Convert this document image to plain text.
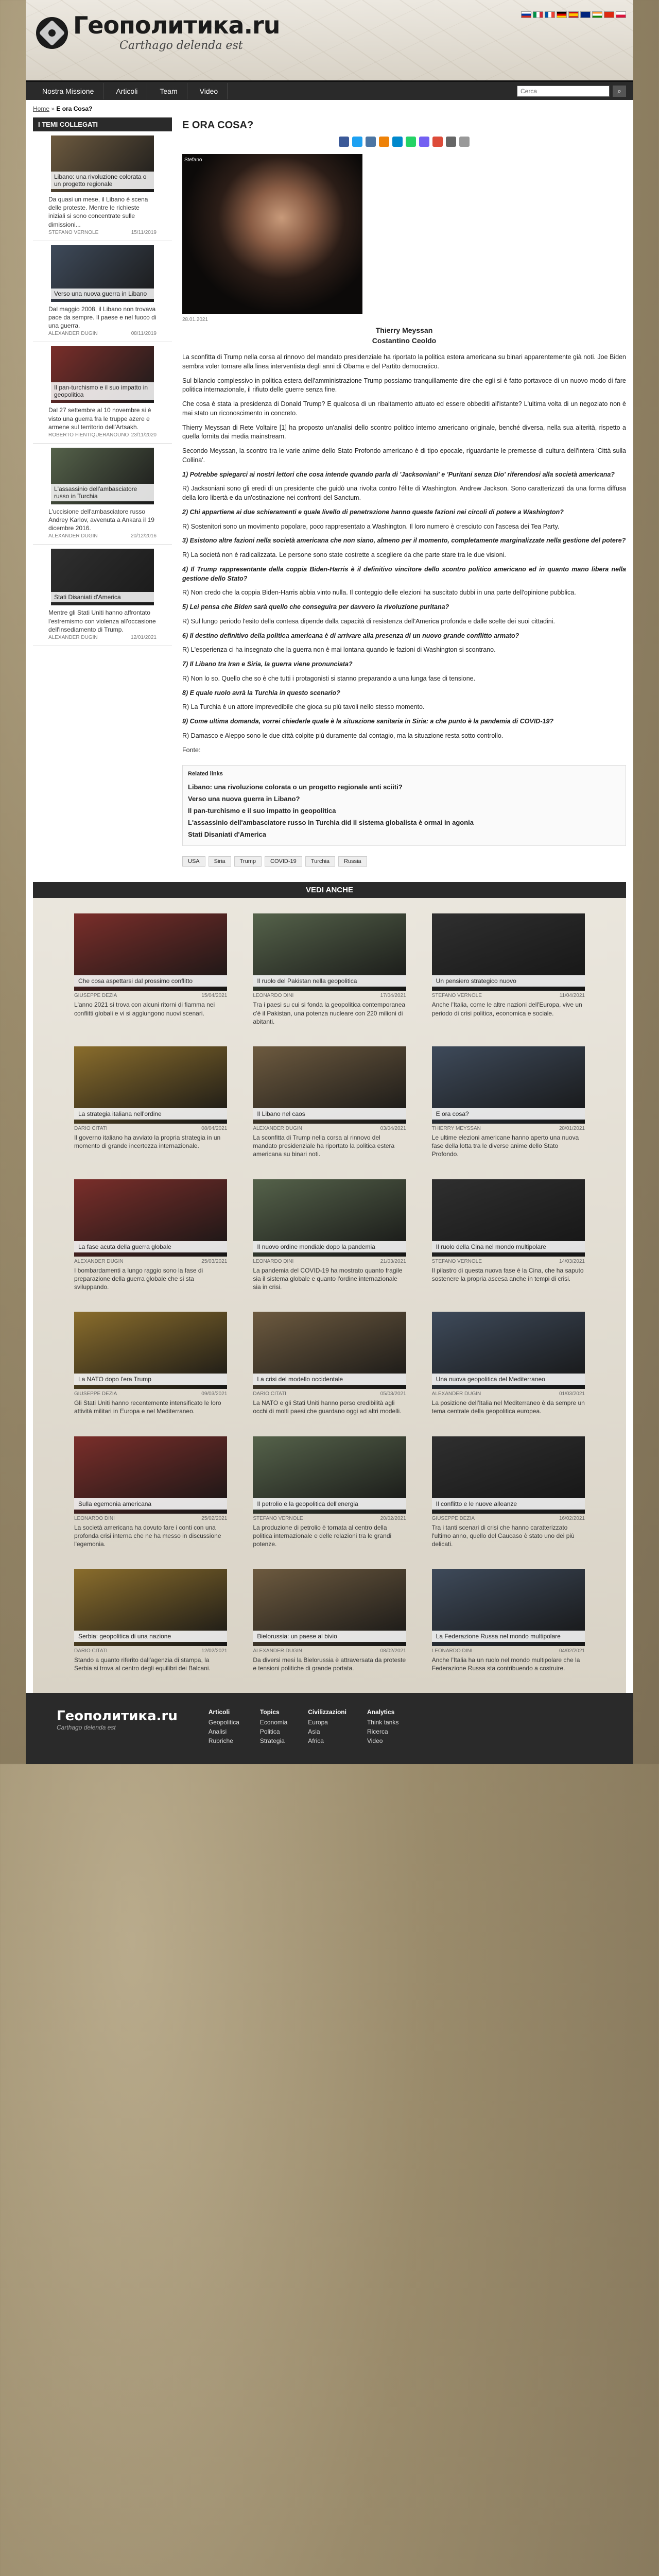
Геополитика.ru
Carthago delenda est
Nostra Missione	Articoli	Team	Video
Cerca	⌕
Home » E ora Cosa?
I TEMI COLLEGATI
Libano: una rivoluzione colorata o un progetto regionale
Da quasi un mese, il Libano è scena delle proteste. Mentre le richieste iniziali si sono concentrate sulle dimissioni...
STEFANO VERNOLE	15/11/2019
Verso una nuova guerra in Libano
Dal maggio 2008, il Libano non trovava pace da sempre. Il paese e nel fuoco di una guerra.
ALEXANDER DUGIN	08/11/2019
Il pan-turchismo e il suo impatto in geopolitica
Dal 27 settembre al 10 novembre si è visto una guerra fra le truppe azere e armene sul territorio dell'Artsakh.
ROBERTO FIENTIQUERANOUNO 23/11/2020
L'assassinio dell'ambasciatore russo in Turchia
L'uccisione dell'ambasciatore russo Andrey Karlov, avvenuta a Ankara il 19 dicembre 2016.
ALEXANDER DUGIN	20/12/2016
Stati Disaniati d'America
Mentre gli Stati Uniti hanno affrontato l'estremismo con violenza all'occasione dell'insediamento di Trump.
ALEXANDER DUGIN	12/01/2021
E ORA COSA?
Stefano
28.01.2021
Thierry Meyssan
Costantino Ceoldo

La sconfitta di Trump nella corsa al rinnovo del mandato presidenziale ha riportato la politica estera americana su binari apparentemente già noti. Joe Biden sembra voler tornare alla linea interventista degli anni di Obama e del Partito democratico.

Sul bilancio complessivo in politica estera dell'amministrazione Trump possiamo tranquillamente dire che egli si è fatto portavoce di un nuovo modo di fare politica internazionale, il rifiuto delle guerre senza fine.

Che cosa è stata la presidenza di Donald Trump? E qualcosa di un ribaltamento attuato ed essere obbediti all'istante? L'ultima volta di un negoziato non è mai stato un riconoscimento in concreto.

Thierry Meyssan di Rete Voltaire [1] ha proposto un'analisi dello scontro politico interno americano originale, benché diversa, nella sua alterità, rispetto a quella fornita dai media mainstream.

Secondo Meyssan, la scontro tra le varie anime dello Stato Profondo americano è di tipo epocale, riguardante le premesse di cultura dell'intera 'Città sulla Collina'.

1) Potrebbe spiegarci ai nostri lettori che cosa intende quando parla di 'Jacksoniani' e 'Puritani senza Dio' riferendosi alla società americana?

R) Jacksoniani sono gli eredi di un presidente che guidò una rivolta contro l'élite di Washington. Andrew Jackson. Sono caratterizzati da una forma diffusa della loro libertà e da un'ostinazione nei confronti del Sanctum.

2) Chi appartiene ai due schieramenti e quale livello di penetrazione hanno queste fazioni nei circoli di potere a Washington?

R) Sostenitori sono un movimento popolare, poco rappresentato a Washington. Il loro numero è cresciuto con l'ascesa dei Tea Party.

3) Esistono altre fazioni nella società americana che non siano, almeno per il momento, completamente marginalizzate nella gestione del potere?

R) La società non è radicalizzata. Le persone sono state costrette a scegliere da che parte stare tra le due visioni.

4) Il Trump rappresentante della coppia Biden-Harris è il definitivo vincitore dello scontro politico americano ed in quanto mano libera nella gestione dello Stato?

R) Non credo che la coppia Biden-Harris abbia vinto nulla. Il conteggio delle elezioni ha suscitato dubbi in una parte dell'opinione pubblica.

5) Lei pensa che Biden sarà quello che conseguira per davvero la rivoluzione puritana?

R) Sul lungo periodo l'esito della contesa dipende dalla capacità di resistenza dell'America profonda e dalle scelte dei suoi cittadini.

6) Il destino definitivo della politica americana è di arrivare alla presenza di un nuovo grande conflitto armato?

R) L'esperienza ci ha insegnato che la guerra non è mai lontana quando le fazioni di Washington si scontrano.

7) Il Libano tra Iran e Siria, la guerra viene pronunciata?

R) Non lo so. Quello che so è che tutti i protagonisti si stanno preparando a una lunga fase di tensione.

8) E quale ruolo avrà la Turchia in questo scenario?

R) La Turchia è un attore imprevedibile che gioca su più tavoli nello stesso momento.

9) Come ultima domanda, vorrei chiederle quale è la situazione sanitaria in Siria: a che punto è la pandemia di COVID-19?

R) Damasco e Aleppo sono le due città colpite più duramente dal contagio, ma la situazione resta sotto controllo.

Fonte:

Related links
Libano: una rivoluzione colorata o un progetto regionale anti sciiti?
Verso una nuova guerra in Libano?
Il pan-turchismo e il suo impatto in geopolitica
L'assassinio dell'ambasciatore russo in Turchia did il sistema globalista è ormai in agonia
Stati Disaniati d'America
USA	Siria	Trump	COVID-19	Turchia	Russia
VEDI ANCHE
Che cosa aspettarsi dal prossimo conflitto
GIUSEPPE DEZIA	15/04/2021
L'anno 2021 si trova con alcuni ritorni di fiamma nei conflitti globali e vi si aggiungono nuovi scenari.
Il ruolo del Pakistan nella geopolitica
LEONARDO DINI	17/04/2021
Tra i paesi su cui si fonda la geopolitica contemporanea c'è il Pakistan, una potenza nucleare con 220 milioni di abitanti.
Un pensiero strategico nuovo
STEFANO VERNOLE	11/04/2021
Anche l'Italia, come le altre nazioni dell'Europa, vive un periodo di crisi politica, economica e sociale.
La strategia italiana nell'ordine
DARIO CITATI	08/04/2021
Il governo italiano ha avviato la propria strategia in un momento di grande incertezza internazionale.
Il Libano nel caos
ALEXANDER DUGIN	03/04/2021
La sconfitta di Trump nella corsa al rinnovo del mandato presidenziale ha riportato la politica estera americana su binari noti.
E ora cosa?
THIERRY MEYSSAN	28/01/2021
Le ultime elezioni americane hanno aperto una nuova fase della lotta tra le diverse anime dello Stato Profondo.
La fase acuta della guerra globale
ALEXANDER DUGIN	25/03/2021
I bombardamenti a lungo raggio sono la fase di preparazione della guerra globale che si sta sviluppando.
Il nuovo ordine mondiale dopo la pandemia
LEONARDO DINI	21/03/2021
La pandemia del COVID-19 ha mostrato quanto fragile sia il sistema globale e quanto l'ordine internazionale sia in crisi.
Il ruolo della Cina nel mondo multipolare
STEFANO VERNOLE	14/03/2021
Il pilastro di questa nuova fase è la Cina, che ha saputo sostenere la propria ascesa anche in tempi di crisi.
La NATO dopo l'era Trump
GIUSEPPE DEZIA	09/03/2021
Gli Stati Uniti hanno recentemente intensificato le loro attività militari in Europa e nel Mediterraneo.
La crisi del modello occidentale
DARIO CITATI	05/03/2021
La NATO e gli Stati Uniti hanno perso credibilità agli occhi di molti paesi che guardano oggi ad altri modelli.
Una nuova geopolitica del Mediterraneo
ALEXANDER DUGIN	01/03/2021
La posizione dell'Italia nel Mediterraneo è da sempre un tema centrale della geopolitica europea.
Sulla egemonia americana
LEONARDO DINI	25/02/2021
La società americana ha dovuto fare i conti con una profonda crisi interna che ne ha messo in discussione l'egemonia.
Il petrolio e la geopolitica dell'energia
STEFANO VERNOLE	20/02/2021
La produzione di petrolio è tornata al centro della politica internazionale e delle relazioni tra le grandi potenze.
Il conflitto e le nuove alleanze
GIUSEPPE DEZIA	16/02/2021
Tra i tanti scenari di crisi che hanno caratterizzato l'ultimo anno, quello del Caucaso è stato uno dei più delicati.
Serbia: geopolitica di una nazione
DARIO CITATI	12/02/2021
Stando a quanto riferito dall'agenzia di stampa, la Serbia si trova al centro degli equilibri dei Balcani.
Bielorussia: un paese al bivio
ALEXANDER DUGIN	08/02/2021
Da diversi mesi la Bielorussia è attraversata da proteste e tensioni politiche di grande portata.
La Federazione Russa nel mondo multipolare
LEONARDO DINI	04/02/2021
Anche l'Italia ha un ruolo nel mondo multipolare che la Federazione Russa sta contribuendo a costruire.
Геополитика.ru
Carthago delenda est
Articoli
Geopolitica
Analisi
Rubriche
Topics
Economia
Politica
Strategia
Civilizzazioni
Europa
Asia
Africa
Analytics
Think tanks
Ricerca
Video
